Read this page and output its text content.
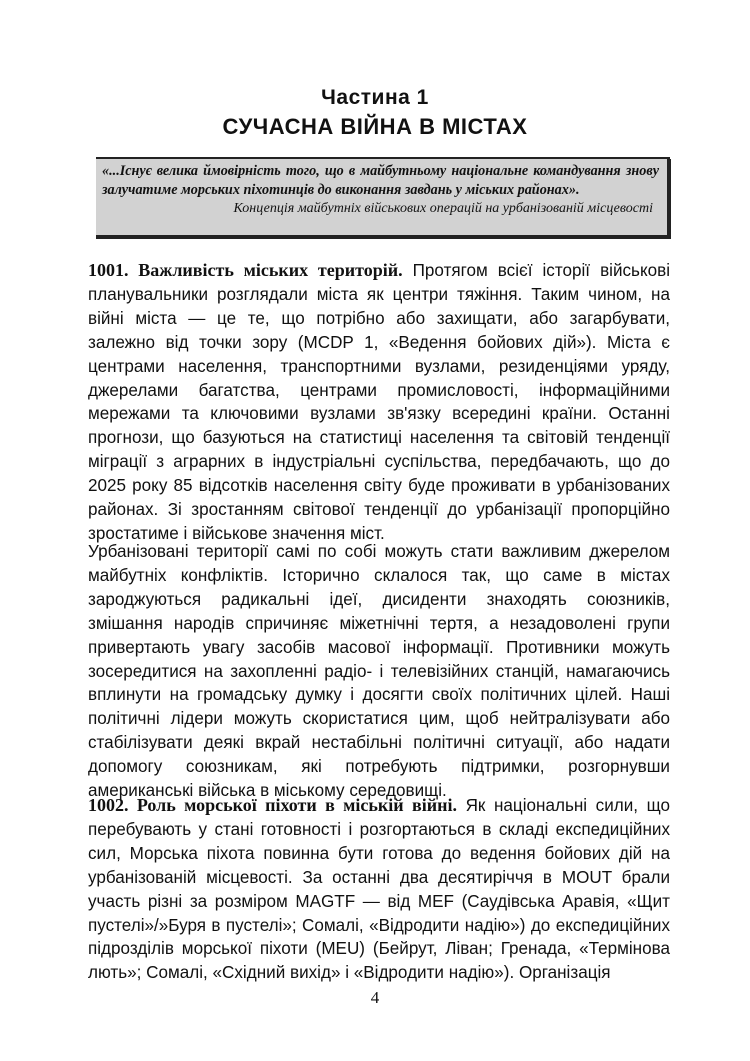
Частина 1
СУЧАСНА ВІЙНА В МІСТАХ
«...Існує велика ймовірність того, що в майбутньому національне командування знову залучатиме морських піхотинців до виконання завдань у міських районах».
Концепція майбутніх військових операцій на урбанізованій місцевості

1001. Важливість міських територій. Протягом всієї історії військові планувальники розглядали міста як центри тяжіння. Таким чином, на війні міста — це те, що потрібно або захищати, або загарбувати, залежно від точки зору (MCDP 1, «Ведення бойових дій»). Міста є центрами населення, транспортними вузлами, резиденціями уряду, джерелами багатства, центрами промисловості, інформаційними мережами та ключовими вузлами зв'язку всередині країни. Останні прогнози, що базуються на статистиці населення та світовій тенденції міграції з аграрних в індустріальні суспільства, передбачають, що до 2025 року 85 відсотків населення світу буде проживати в урбанізованих районах. Зі зростанням світової тенденції до урбанізації пропорційно зростатиме і військове значення міст.

Урбанізовані території самі по собі можуть стати важливим джерелом майбутніх конфліктів. Історично склалося так, що саме в містах зароджуються радикальні ідеї, дисиденти знаходять союзників, змішання народів спричиняє міжетнічні тертя, а незадоволені групи привертають увагу засобів масової інформації. Противники можуть зосередитися на захопленні радіо- і телевізійних станцій, намагаючись вплинути на громадську думку і досягти своїх політичних цілей. Наші політичні лідери можуть скористатися цим, щоб нейтралізувати або стабілізувати деякі вкрай нестабільні політичні ситуації, або надати допомогу союзникам, які потребують підтримки, розгорнувши американські війська в міському середовищі.

1002. Роль морської піхоти в міській війні. Як національні сили, що перебувають у стані готовності і розгортаються в складі експедиційних сил, Морська піхота повинна бути готова до ведення бойових дій на урбанізованій місцевості. За останні два десятиріччя в MOUT брали участь різні за розміром MAGTF — від MEF (Саудівська Аравія, «Щит пустелі»/»Буря в пустелі»; Сомалі, «Відродити надію») до експедиційних підрозділів морської піхоти (MEU) (Бейрут, Ліван; Гренада, «Термінова лють»; Сомалі, «Східний вихід» і «Відродити надію»). Організація

4
